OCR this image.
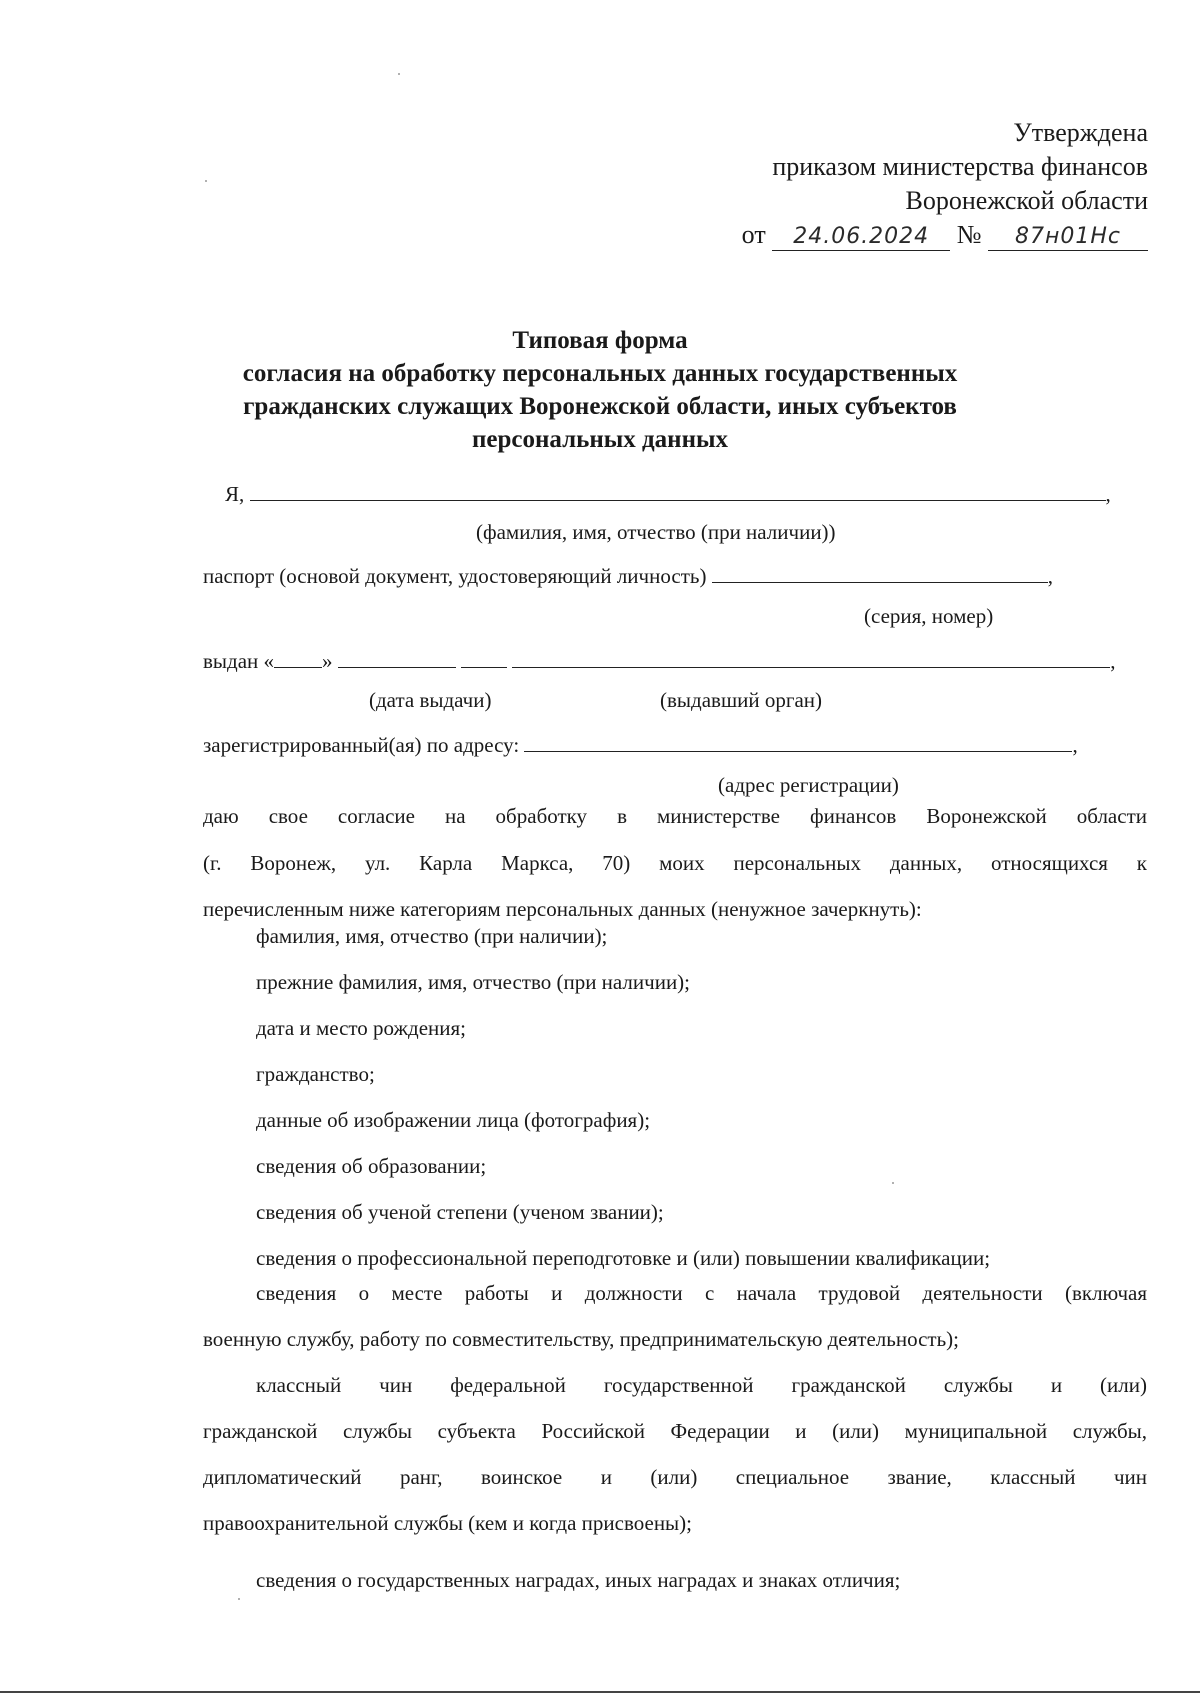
Утверждена
приказом министерства финансов
Воронежской области
от 24.06.2024 № 87н01Нс
Типовая форма
согласия на обработку персональных данных государственных
гражданских служащих Воронежской области, иных субъектов
персональных данных
Я,	,
(фамилия, имя, отчество (при наличии))
паспорт (основой документ, удостоверяющий личность)	,
(серия, номер)
выдан « »	,
(дата выдачи)	(выдавший орган)
зарегистрированный(ая) по адресу:	,
(адрес регистрации)
даю свое согласие на обработку в министерстве финансов Воронежской области
(г. Воронеж, ул. Карла Маркса, 70) моих персональных данных, относящихся к
перечисленным ниже категориям персональных данных (ненужное зачеркнуть):
фамилия, имя, отчество (при наличии);
прежние фамилия, имя, отчество (при наличии);
дата и место рождения;
гражданство;
данные об изображении лица (фотография);
сведения об образовании;
сведения об ученой степени (ученом звании);
сведения о профессиональной переподготовке и (или) повышении квалификации;
сведения о месте работы и должности с начала трудовой деятельности (включая
военную службу, работу по совместительству, предпринимательскую деятельность);
классный чин федеральной государственной гражданской службы и (или)
гражданской службы субъекта Российской Федерации и (или) муниципальной службы,
дипломатический ранг, воинское и (или) специальное звание, классный чин
правоохранительной службы (кем и когда присвоены);
сведения о государственных наградах, иных наградах и знаках отличия;
